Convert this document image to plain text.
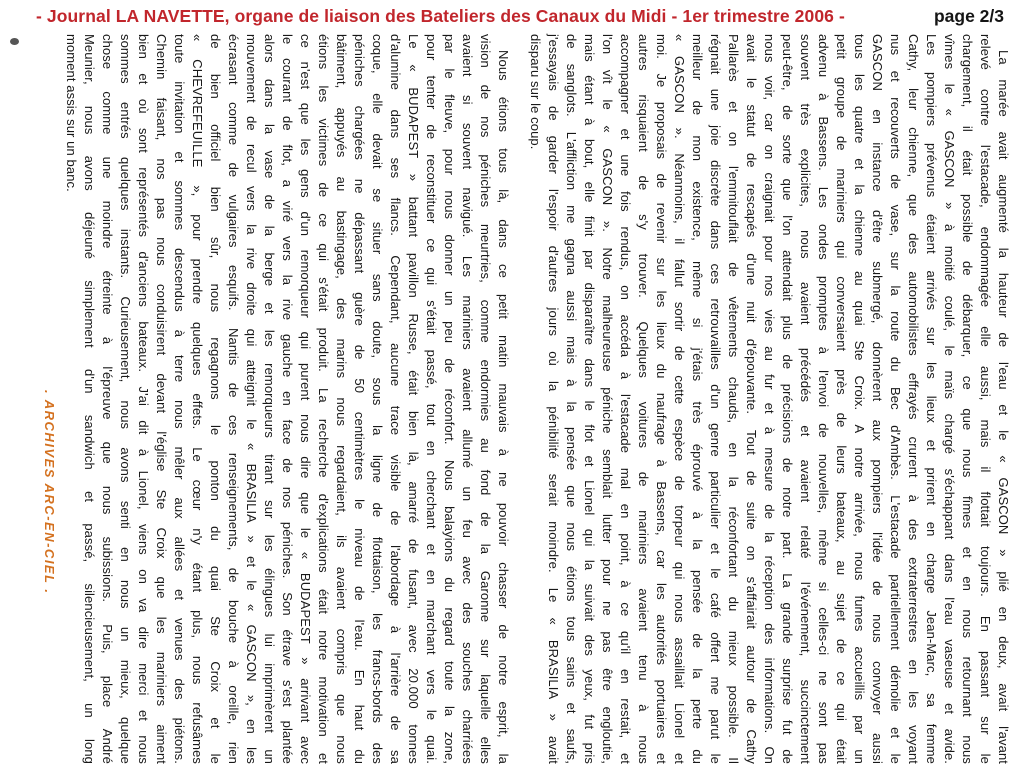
- Journal LA NAVETTE, organe de liaison des Bateliers des Canaux du Midi - 1er trimestre 2006 -	page 2/3
La marée avait augmenté la hauteur de l'eau et le « GASCON » plié en deux, avait l'avant
relevé contre l'estacade, endommagée elle aussi, mais il flottait toujours. En passant sur le
chargement, il était possible de débarquer, ce que nous fîmes et en nous retournant nous
vîmes le « GASCON » à moitié coulé, le maïs chargé s'échappant dans l'eau vaseuse et avide.
Les pompiers prévenus étaient arrivés sur les lieux et prirent en charge Jean-Marc, sa femme
Cathy, leur chienne, que des automobilistes effrayés crurent à des extraterrestres en les voyant
nus et recouverts de vase, sur la route du Bec d'Ambès. L'estacade partiellement démolie et le
GASCON en instance d'être submergé, donnèrent aux pompiers l'idée de nous convoyer aussi
tous les quatre et la chienne au quai Ste Croix. A notre arrivée, nous fumes accueillis par un
petit groupe de mariniers qui conversaient près de leurs bateaux, au sujet de ce qui était
advenu à Bassens. Les ondes promptes à l'envoi de nouvelles, même si celles-ci ne sont pas
souvent très explicites, nous avaient précédés et avaient relaté l'événement, succinctement
peut-être, de sorte que l'on attendait plus de précisions de notre part. La grande surprise fut de
nous voir, car on craignait pour nos vies au fur et à mesure de la réception des informations. On
avait le statut de rescapés d'une nuit d'épouvante. Tout de suite on s'affairait autour de Cathy
Pallarès et on l'emmitouflait de vêtements chauds, en la réconfortant du mieux possible. Il
régnait une joie discrète dans ces retrouvailles d'un genre particulier et le café offert me parut le
meilleur de mon existence, même si j'étais très éprouvé à la pensée de la perte du
« GASCON ». Néanmoins, il fallut sortir de cette espèce de torpeur qui nous assaillait Lionel et
moi. Je proposais de revenir sur les lieux du naufrage à Bassens, car les autorités portuaires et
autres risquaient de s'y trouver. Quelques voitures de mariniers avaient tenu à nous
accompagner et une fois rendus, on accéda à l'estacade mal en point, à ce qu'il en restait, et
l'on vît le « GASCON ». Notre malheureuse péniche semblait lutter pour ne pas être engloutie,
mais étant à bout, elle finit par disparaître dans le flot et Lionel qui la suivait des yeux, fut pris
de sanglots. L'affliction me gagna aussi mais à la pensée que nous étions tous sains et saufs,
j'essayais de garder l'espoir d'autres jours où la pénibilité serait moindre. Le « BRASILIA » avait
disparu sur le coup.
Nous étions tous là, dans ce petit matin mauvais à ne pouvoir chasser de notre esprit, la
vision de nos péniches meurtries, comme endormies au fond de la Garonne sur laquelle elles
avaient si souvent navigué. Les mariniers avaient allumé un feu avec des souches charriées
par le fleuve, pour nous donner un peu de réconfort. Nous balayions du regard toute la zone,
pour tenter de reconstituer ce qui s'était passé, tout en cherchant et en marchant vers le quai.
Le « BUDAPEST » battant pavillon Russe, était bien là, amarré de fusant, avec 20.000 tonnes
d'alumine dans ses flancs. Cependant, aucune trace visible de l'abordage à l'arrière de sa
coque, elle devait se situer sans doute, sous la ligne de flottaison, les francs-bords des
péniches chargées ne dépassant guère de 50 centimètres le niveau de l'eau. En haut du
bâtiment, appuyés au bastingage, des marins nous regardaient, ils avaient compris que nous
étions les victimes de ce qui s'était produit. La recherche d'explications était notre motivation et
ce n'est que les gens d'un remorqueur qui purent nous dire que le « BUDAPEST » arrivant avec
le courant de flot, a viré vers la rive gauche en face de nos péniches. Son étrave s'est plantée
alors dans la vase de la berge et les remorqueurs tirant sur les élingues lui imprimèrent un
mouvement de recul vers la rive droite qui atteignit le « BRASILIA » et le « GASCON », en les
écrasant comme de vulgaires esquifs. Nantis de ces renseignements, de bouche à oreille, rien
de bien officiel bien sûr, nous regagnons le ponton du quai Ste Croix et le
« CHEVREFEUILLE », pour prendre quelques effets. Le cœur n'y étant plus, nous refusâmes
toute invitation et sommes descendus à terre nous mêler aux allées et venues des piétons.
Chemin faisant, nos pas nous conduisirent devant l'église Ste Croix que les mariniers aiment
bien et où sont représentés d'anciens bateaux. J'ai dit à Lionel, viens on va dire merci et nous
sommes entrés quelques instants. Curieusement, nous avons senti en nous un mieux, quelque
chose comme une moindre étreinte à l'épreuve que nous subissions. Puis, place André
Meunier, nous avons déjeuné simplement d'un sandwich et passé, silencieusement, un long
moment assis sur un banc.
. ARCHIVES ARC-EN-CIEL .
